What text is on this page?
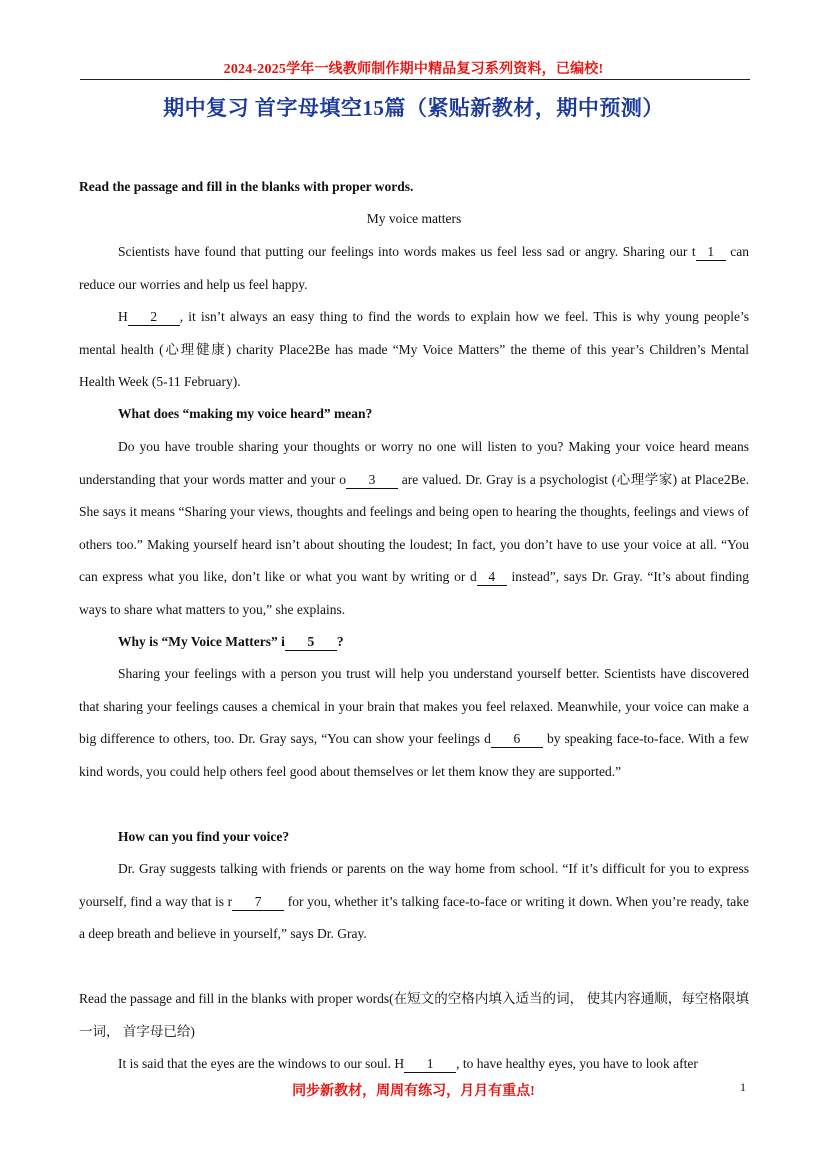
2024-2025学年一线教师制作期中精品复习系列资料，已编校!
期中复习 首字母填空15篇（紧贴新教材，期中预测）

Read the passage and fill in the blanks with proper words.

My voice matters

Scientists have found that putting our feelings into words makes us feel less sad or angry. Sharing our t 1 can reduce our worries and help us feel happy.

H 2 , it isn’t always an easy thing to find the words to explain how we feel. This is why young people’s mental health (心理健康) charity Place2Be has made “My Voice Matters” the theme of this year’s Children’s Mental Health Week (5-11 February).

What does “making my voice heard” mean?

Do you have trouble sharing your thoughts or worry no one will listen to you? Making your voice heard means understanding that your words matter and your o 3 are valued. Dr. Gray is a psychologist (心理学家) at Place2Be. She says it means “Sharing your views, thoughts and feelings and being open to hearing the thoughts, feelings and views of others too.” Making yourself heard isn’t about shouting the loudest; In fact, you don’t have to use your voice at all. “You can express what you like, don’t like or what you want by writing or d 4 instead”, says Dr. Gray. “It’s about finding ways to share what matters to you,” she explains.

Why is “My Voice Matters” i 5 ?

Sharing your feelings with a person you trust will help you understand yourself better. Scientists have discovered that sharing your feelings causes a chemical in your brain that makes you feel relaxed. Meanwhile, your voice can make a big difference to others, too. Dr. Gray says, “You can show your feelings d 6 by speaking face-to-face. With a few kind words, you could help others feel good about themselves or let them know they are supported.”

How can you find your voice?

Dr. Gray suggests talking with friends or parents on the way home from school. “If it’s difficult for you to express yourself, find a way that is r 7 for you, whether it’s talking face-to-face or writing it down. When you’re ready, take a deep breath and believe in yourself,” says Dr. Gray.

Read the passage and fill in the blanks with proper words(在短文的空格内填入适当的词， 使其内容通顺，每空格限填一词， 首字母已给)

It is said that the eyes are the windows to our soul. H 1 , to have healthy eyes, you have to look after

同步新教材，周周有练习，月月有重点!	1
